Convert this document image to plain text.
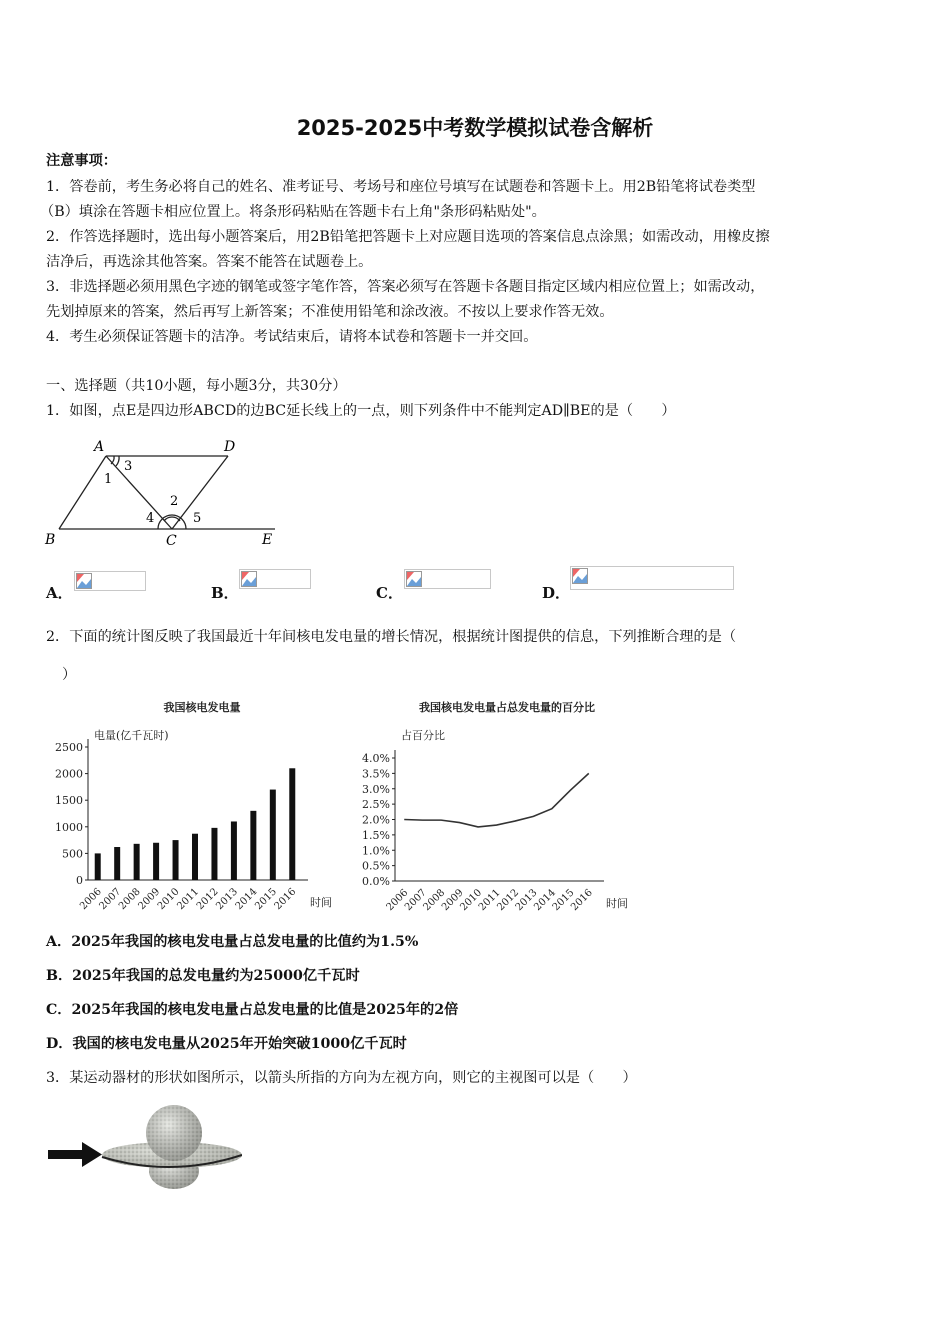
2025-2025中考数学模拟试卷含解析
注意事项：
1．答卷前，考生务必将自己的姓名、准考证号、考场号和座位号填写在试题卷和答题卡上。用2B铅笔将试卷类型
（B）填涂在答题卡相应位置上。将条形码粘贴在答题卡右上角"条形码粘贴处"。
2．作答选择题时，选出每小题答案后，用2B铅笔把答题卡上对应题目选项的答案信息点涂黑；如需改动，用橡皮擦
洁净后，再选涂其他答案。答案不能答在试题卷上。
3．非选择题必须用黑色字迹的钢笔或签字笔作答，答案必须写在答题卡各题目指定区域内相应位置上；如需改动，
先划掉原来的答案，然后再写上新答案；不准使用铅笔和涂改液。不按以上要求作答无效。
4．考生必须保证答题卡的洁净。考试结束后，请将本试卷和答题卡一并交回。
一、选择题（共10小题，每小题3分，共30分）
1．如图，点E是四边形ABCD的边BC延长线上的一点，则下列条件中不能判定AD∥BE的是（　　）
A	D
B	C	E
1
2
3
4	5
A．	B．	C．	D．
2．下面的统计图反映了我国最近十年间核电发电量的增长情况，根据统计图提供的信息，下列推断合理的是（
）
我国核电发电量
电量(亿千瓦时)
0
500
1000
1500
2000
2500
2006
2007
2008
2009
2010
2011
2012
2013
2014
2015
2016 时间
我国核电发电量占总发电量的百分比
占百分比
0.0%
0.5%
1.0%
1.5%
2.0%
2.5%
3.0%
3.5%
4.0%
2006
2007
2008
2009
2010
2011
2012
2013
2014
2015
2016 时间
A．2025年我国的核电发电量占总发电量的比值约为1.5%
B．2025年我国的总发电量约为25000亿千瓦时
C．2025年我国的核电发电量占总发电量的比值是2025年的2倍
D．我国的核电发电量从2025年开始突破1000亿千瓦时
3．某运动器材的形状如图所示，以箭头所指的方向为左视方向，则它的主视图可以是（　　）
